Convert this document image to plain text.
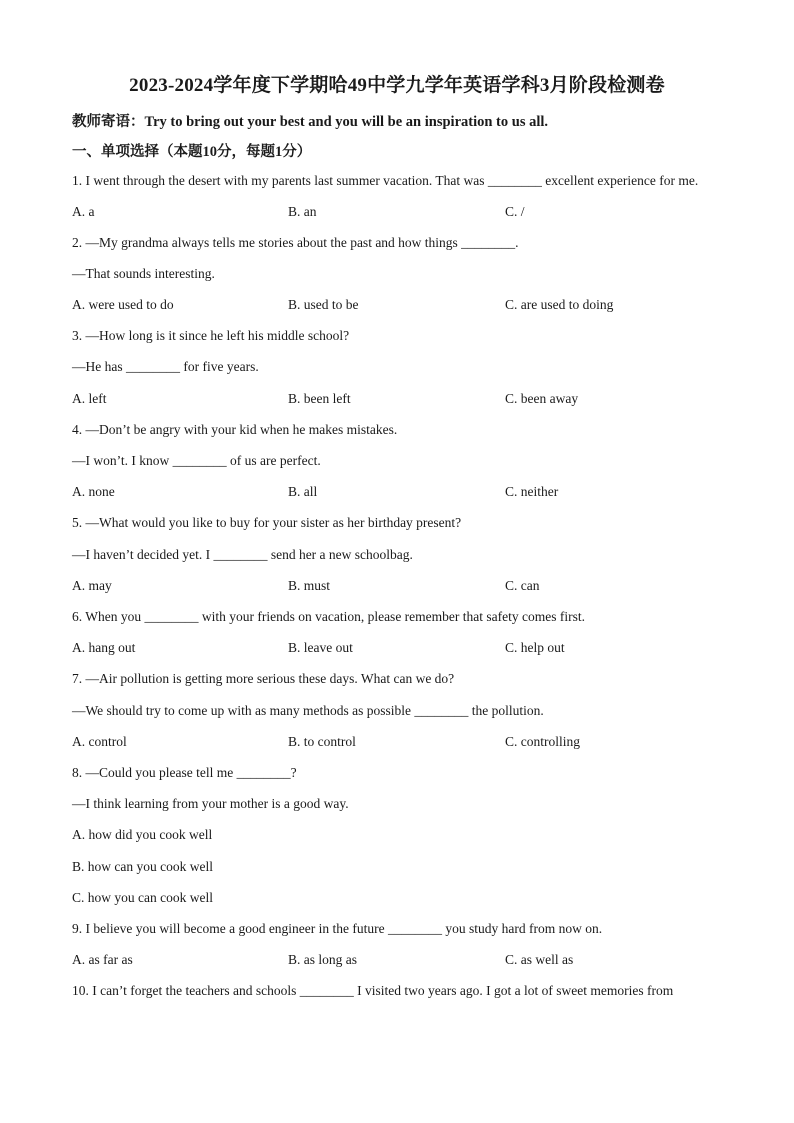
2023-2024学年度下学期哈49中学九学年英语学科3月阶段检测卷
教师寄语：Try to bring out your best and you will be an inspiration to us all.
一、单项选择（本题10分，每题1分）
1. I went through the desert with my parents last summer vacation. That was ________ excellent experience for me.
A. a	B. an	C. /
2. —My grandma always tells me stories about the past and how things ________.
—That sounds interesting.
A. were used to do	B. used to be	C. are used to doing
3. —How long is it since he left his middle school?
—He has ________ for five years.
A. left	B. been left	C. been away
4. —Don’t be angry with your kid when he makes mistakes.
—I won’t. I know ________ of us are perfect.
A. none	B. all	C. neither
5. —What would you like to buy for your sister as her birthday present?
—I haven’t decided yet. I ________ send her a new schoolbag.
A. may	B. must	C. can
6. When you ________ with your friends on vacation, please remember that safety comes first.
A. hang out	B. leave out	C. help out
7. —Air pollution is getting more serious these days. What can we do?
—We should try to come up with as many methods as possible ________ the pollution.
A. control	B. to control	C. controlling
8. —Could you please tell me ________?
—I think learning from your mother is a good way.
A. how did you cook well
B. how can you cook well
C. how you can cook well
9. I believe you will become a good engineer in the future ________ you study hard from now on.
A. as far as	B. as long as	C. as well as
10. I can’t forget the teachers and schools ________ I visited two years ago. I got a lot of sweet memories from
